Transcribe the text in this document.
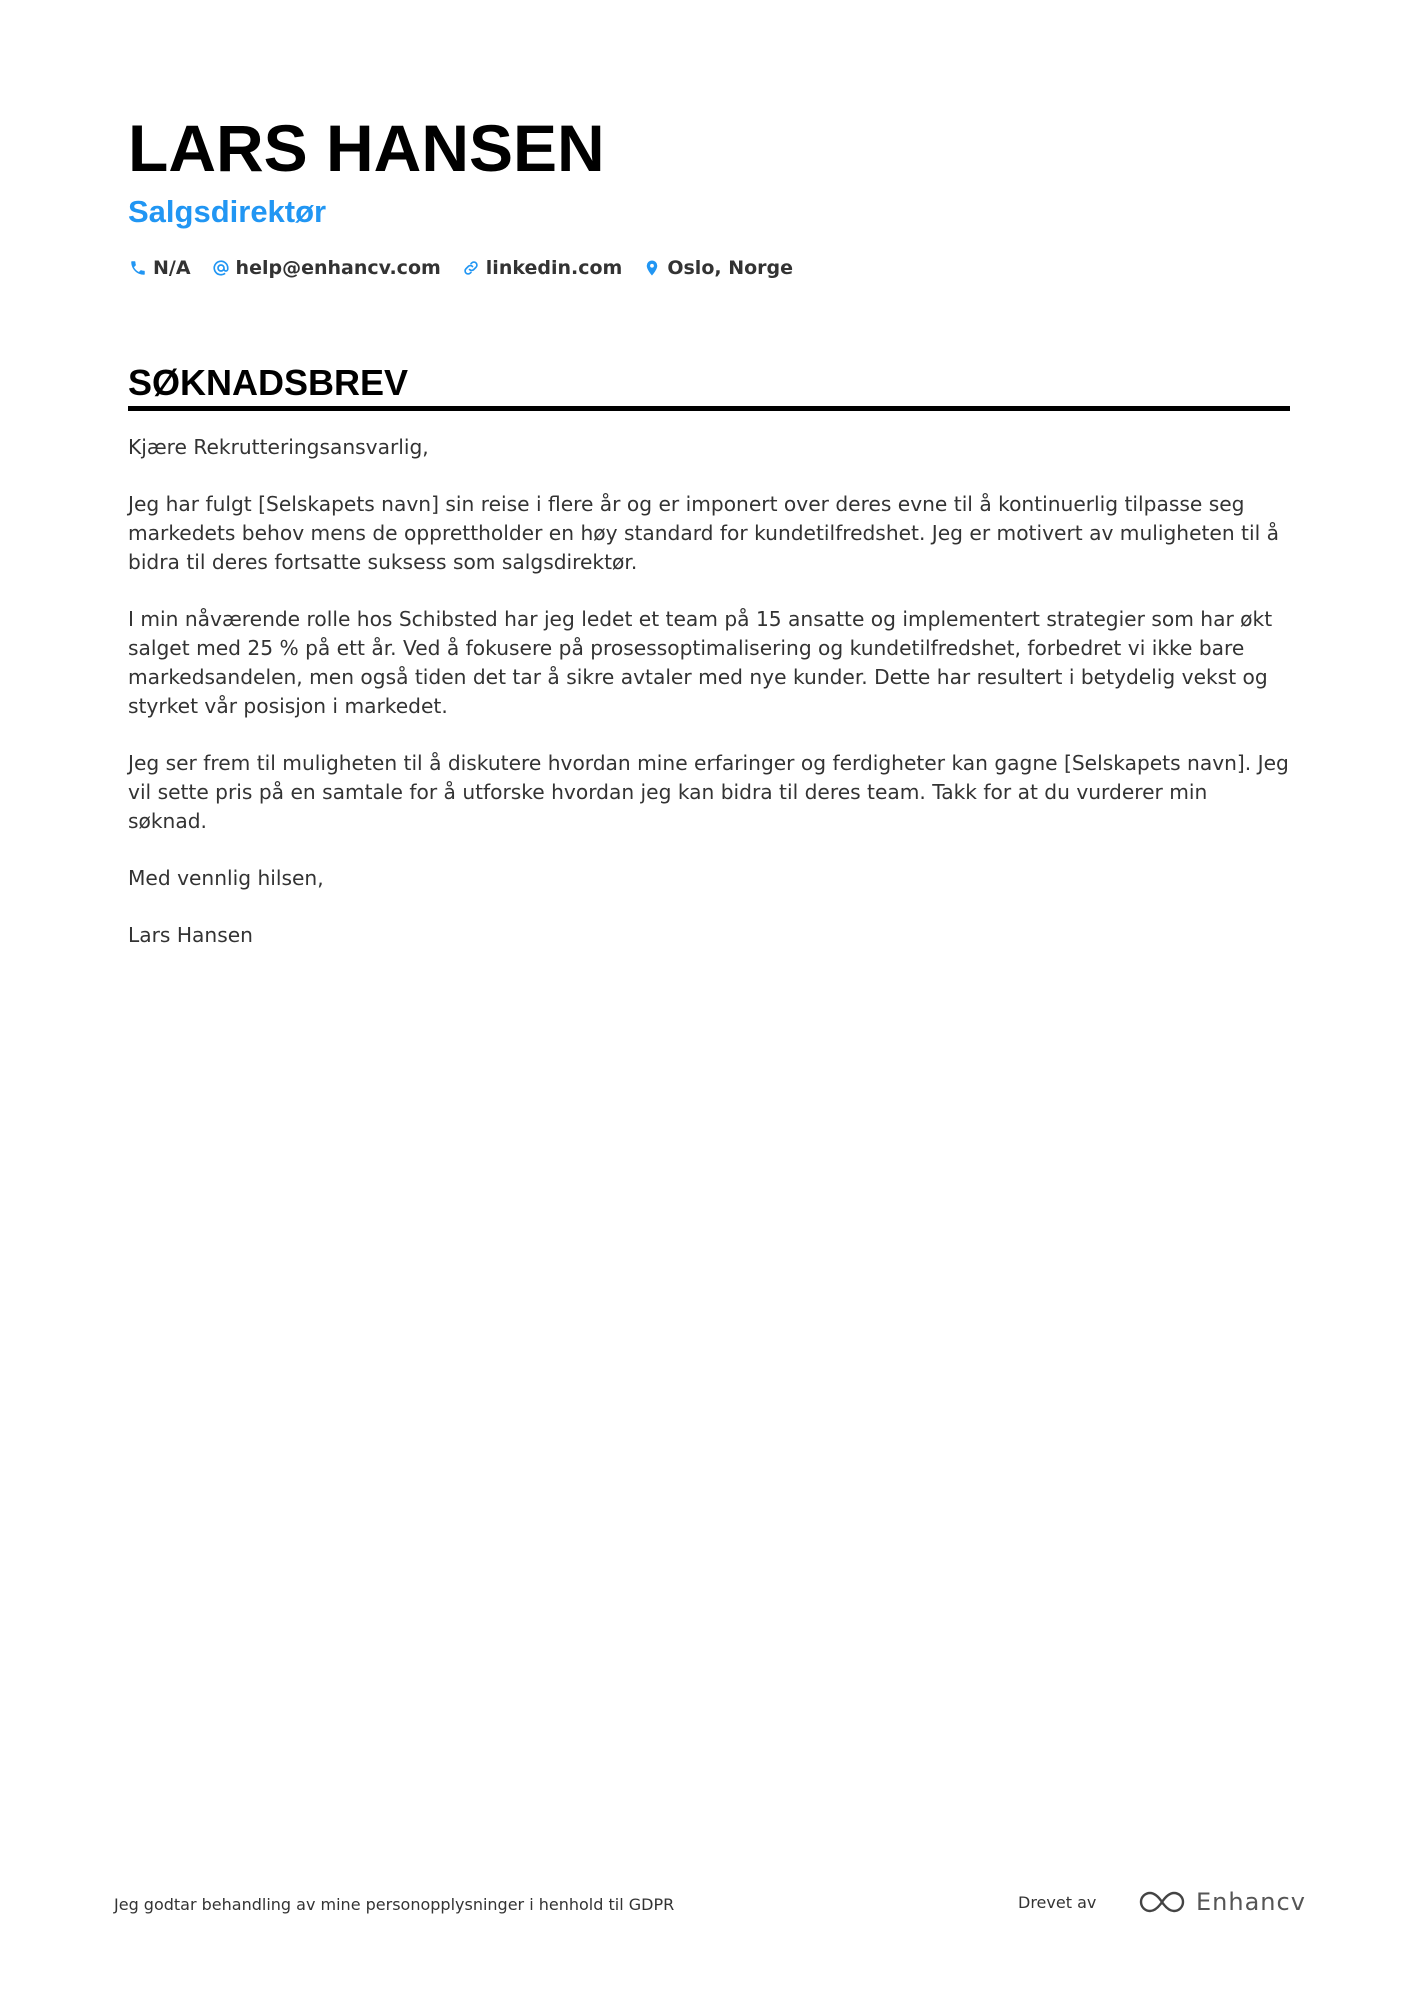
LARS HANSEN
Salgsdirektør
N/A help@enhancv.com linkedin.com Oslo, Norge
SØKNADSBREV

Kjære Rekrutteringsansvarlig,

Jeg har fulgt [Selskapets navn] sin reise i flere år og er imponert over deres evne til å kontinuerlig tilpasse seg markedets behov mens de opprettholder en høy standard for kundetilfredshet. Jeg er motivert av muligheten til å bidra til deres fortsatte suksess som salgsdirektør.

I min nåværende rolle hos Schibsted har jeg ledet et team på 15 ansatte og implementert strategier som har økt salget med 25 % på ett år. Ved å fokusere på prosessoptimalisering og kundetilfredshet, forbedret vi ikke bare markedsandelen, men også tiden det tar å sikre avtaler med nye kunder. Dette har resultert i betydelig vekst og styrket vår posisjon i markedet.

Jeg ser frem til muligheten til å diskutere hvordan mine erfaringer og ferdigheter kan gagne [Selskapets navn]. Jeg vil sette pris på en samtale for å utforske hvordan jeg kan bidra til deres team. Takk for at du vurderer min søknad.

Med vennlig hilsen,

Lars Hansen

Jeg godtar behandling av mine personopplysninger i henhold til GDPR	Drevet av	Enhancv
